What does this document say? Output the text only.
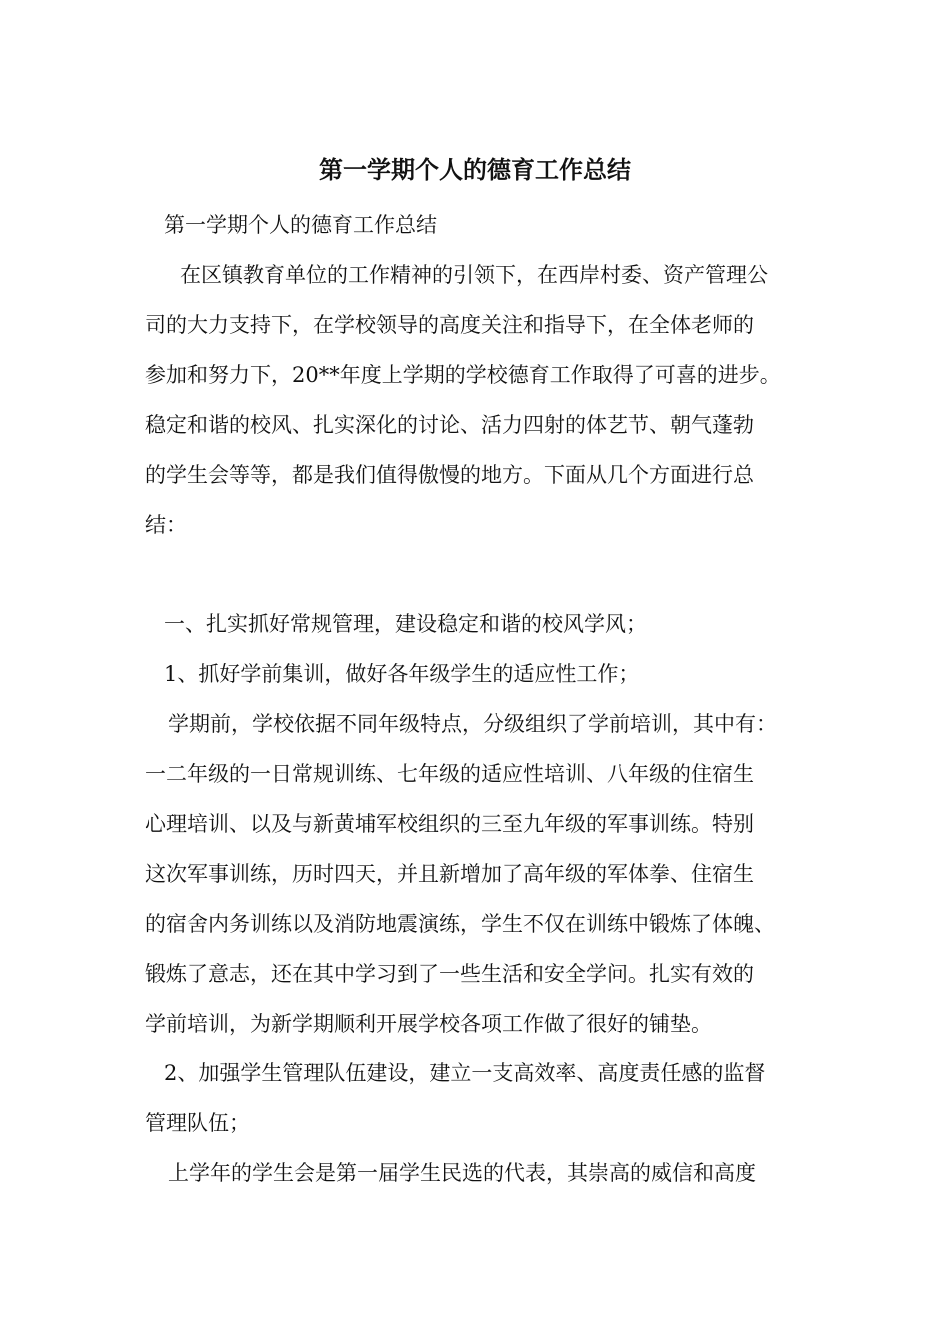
第一学期个人的德育工作总结
第一学期个人的德育工作总结
在区镇教育单位的工作精神的引领下，在西岸村委、资产管理公
司的大力支持下，在学校领导的高度关注和指导下，在全体老师的
参加和努力下，20**年度上学期的学校德育工作取得了可喜的进步。
稳定和谐的校风、扎实深化的讨论、活力四射的体艺节、朝气蓬勃
的学生会等等，都是我们值得傲慢的地方。下面从几个方面进行总
结：
一、扎实抓好常规管理，建设稳定和谐的校风学风；
1、抓好学前集训，做好各年级学生的适应性工作；
学期前，学校依据不同年级特点，分级组织了学前培训，其中有：
一二年级的一日常规训练、七年级的适应性培训、八年级的住宿生
心理培训、以及与新黄埔军校组织的三至九年级的军事训练。特别
这次军事训练，历时四天，并且新增加了高年级的军体拳、住宿生
的宿舍内务训练以及消防地震演练，学生不仅在训练中锻炼了体魄、
锻炼了意志，还在其中学习到了一些生活和安全学问。扎实有效的
学前培训，为新学期顺利开展学校各项工作做了很好的铺垫。
2、加强学生管理队伍建设，建立一支高效率、高度责任感的监督
管理队伍；
上学年的学生会是第一届学生民选的代表，其崇高的威信和高度
